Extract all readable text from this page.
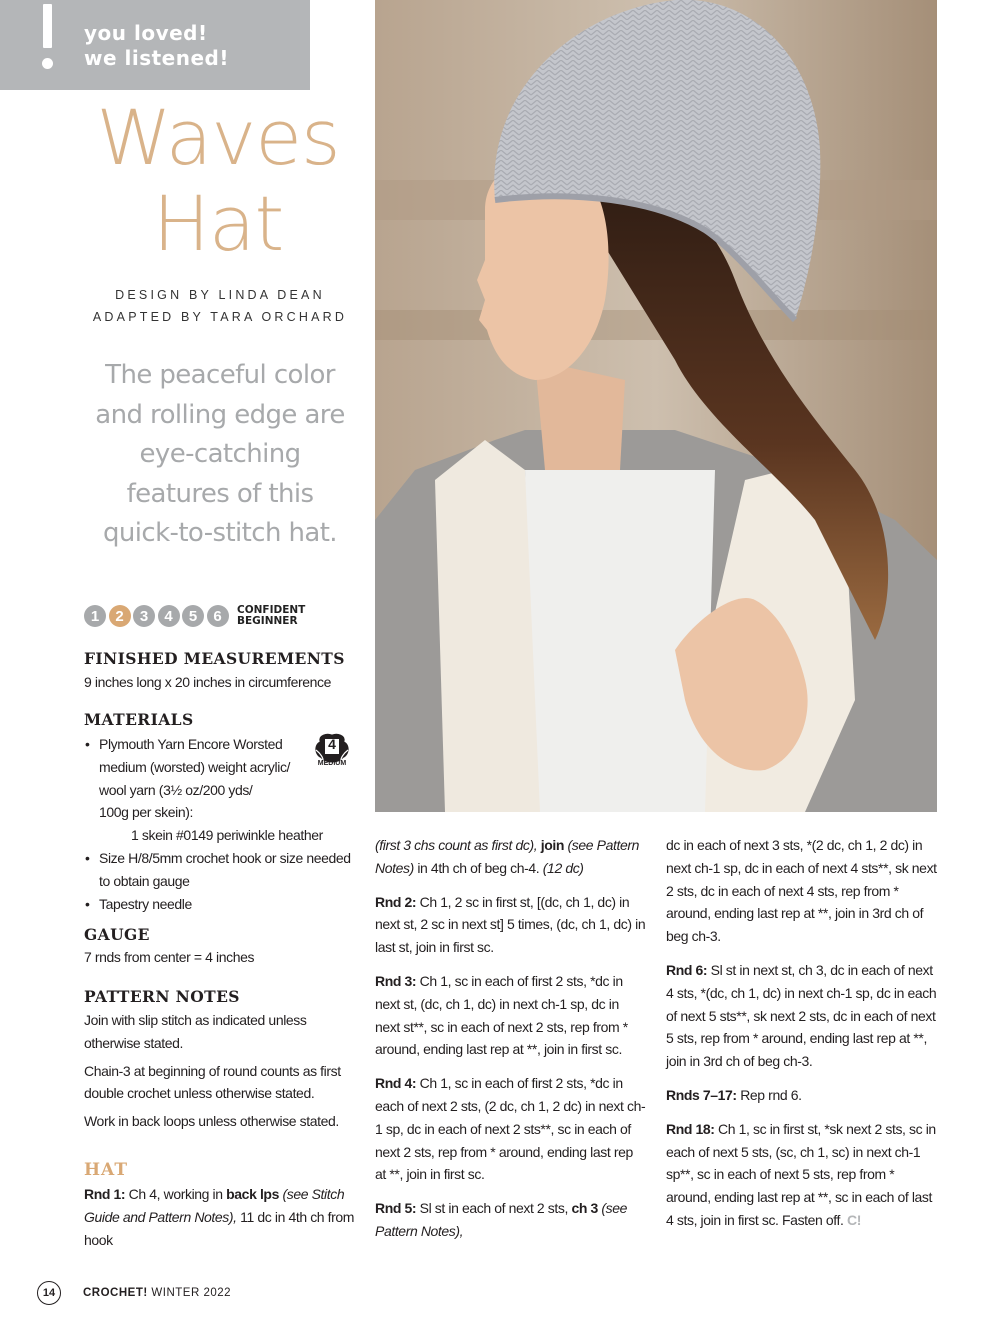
you loved!
we listened!
Waves
Hat
DESIGN BY LINDA DEAN
ADAPTED BY TARA ORCHARD
The peaceful color
and rolling edge are
eye-catching
features of this
quick-to-stitch hat.
1	2	3	4	5	6	CONFIDENT
BEGINNER
FINISHED MEASUREMENTS
9 inches long x 20 inches in circumference
MATERIALS
4
MEDIUM
• Plymouth Yarn Encore Worsted
medium (worsted) weight acrylic/
wool yarn (3½ oz/200 yds/
100g per skein):
1 skein #0149 periwinkle heather
• Size H/8/5mm crochet hook or size needed
to obtain gauge
• Tapestry needle
GAUGE
7 rnds from center = 4 inches
PATTERN NOTES
Join with slip stitch as indicated unless
otherwise stated.
Chain-3 at beginning of round counts as first
double crochet unless otherwise stated.
Work in back loops unless otherwise stated.
HAT

Rnd 1: Ch 4, working in back lps (see Stitch Guide and Pattern Notes), 11 dc in 4th ch from hook

(first 3 chs count as first dc), join (see Pattern Notes) in 4th ch of beg ch-4. (12 dc)

Rnd 2: Ch 1, 2 sc in first st, [(dc, ch 1, dc) in next st, 2 sc in next st] 5 times, (dc, ch 1, dc) in last st, join in first sc.

Rnd 3: Ch 1, sc in each of first 2 sts, *dc in next st, (dc, ch 1, dc) in next ch-1 sp, dc in next st**, sc in each of next 2 sts, rep from * around, ending last rep at **, join in first sc.

Rnd 4: Ch 1, sc in each of first 2 sts, *dc in each of next 2 sts, (2 dc, ch 1, 2 dc) in next ch-1 sp, dc in each of next 2 sts**, sc in each of next 2 sts, rep from * around, ending last rep at **, join in first sc.

Rnd 5: Sl st in each of next 2 sts, ch 3 (see Pattern Notes),

dc in each of next 3 sts, *(2 dc, ch 1, 2 dc) in next ch-1 sp, dc in each of next 4 sts**, sk next 2 sts, dc in each of next 4 sts, rep from * around, ending last rep at **, join in 3rd ch of beg ch-3.

Rnd 6: Sl st in next st, ch 3, dc in each of next 4 sts, *(dc, ch 1, dc) in next ch-1 sp, dc in each of next 5 sts**, sk next 2 sts, dc in each of next 5 sts, rep from * around, ending last rep at **, join in 3rd ch of beg ch-3.

Rnds 7–17: Rep rnd 6.

Rnd 18: Ch 1, sc in first st, *sk next 2 sts, sc in each of next 5 sts, (sc, ch 1, sc) in next ch-1 sp**, sc in each of next 5 sts, rep from * around, ending last rep at **, sc in each of last 4 sts, join in first sc. Fasten off. C!

14	CROCHET! WINTER 2022
